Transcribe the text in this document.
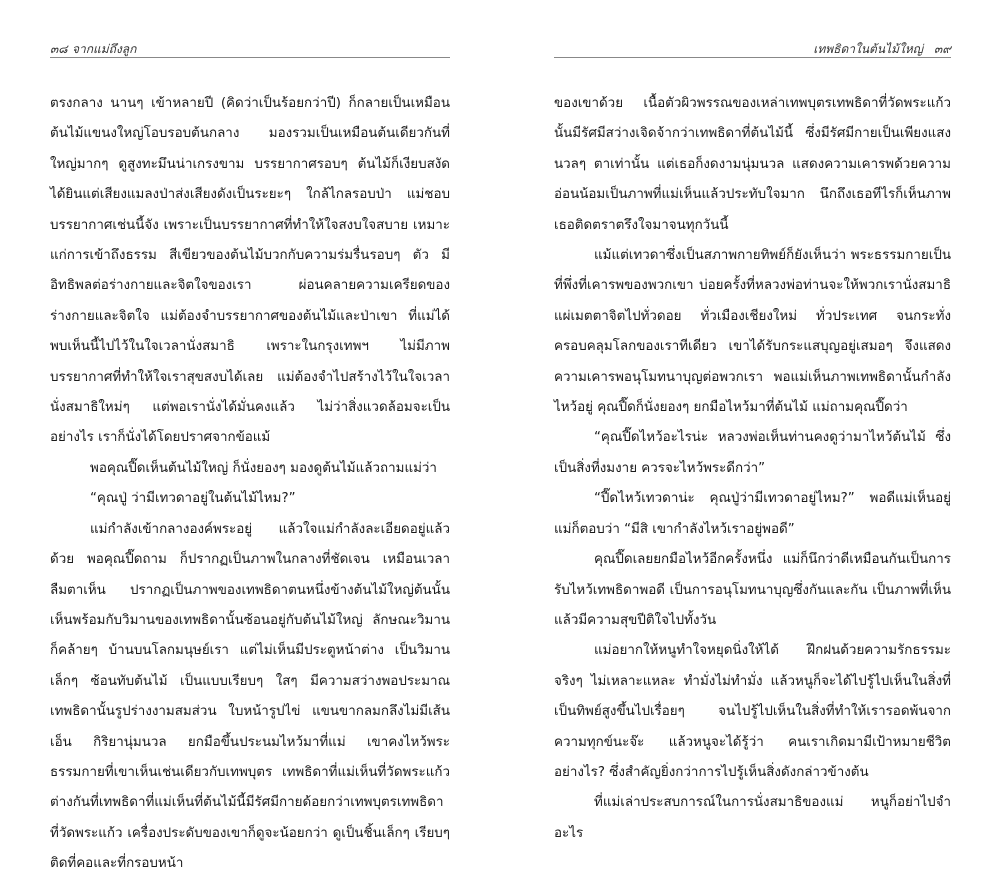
๓๘ จากแม่ถึงลูก

ตรงกลาง นานๆ เข้าหลายปี (คิดว่าเป็นร้อยกว่าปี) ก็กลายเป็นเหมือนต้นไม้แขนงใหญ่โอบรอบต้นกลาง มองรวมเป็นเหมือนต้นเดียวกันที่ใหญ่มากๆ ดูสูงทะมึนน่าเกรงขาม บรรยากาศรอบๆ ต้นไม้ก็เงียบสงัด ได้ยินแต่เสียงแมลงป่าส่งเสียงดังเป็นระยะๆ ใกล้ไกลรอบป่า แม่ชอบบรรยากาศเช่นนี้จัง เพราะเป็นบรรยากาศที่ทำให้ใจสงบใจสบาย เหมาะแก่การเข้าถึงธรรม สีเขียวของต้นไม้บวกกับความร่มรื่นรอบๆ ตัว มีอิทธิพลต่อร่างกายและจิตใจของเรา ผ่อนคลายความเครียดของร่างกายและจิตใจ แม่ต้องจำบรรยากาศของต้นไม้และป่าเขา ที่แม่ได้พบเห็นนี้ไปไว้ในใจเวลานั่งสมาธิ เพราะในกรุงเทพฯ ไม่มีภาพบรรยากาศที่ทำให้ใจเราสุขสงบได้เลย แม่ต้องจำไปสร้างไว้ในใจเวลานั่งสมาธิใหม่ๆ แต่พอเรานั่งได้มั่นคงแล้ว ไม่ว่าสิ่งแวดล้อมจะเป็นอย่างไร เราก็นั่งได้โดยปราศจากข้อแม้

พอคุณปี๊ดเห็นต้นไม้ใหญ่ ก็นั่งยองๆ มองดูต้นไม้แล้วถามแม่ว่า

“คุณปู่ ว่ามีเทวดาอยู่ในต้นไม้ไหม?”

แม่กำลังเข้ากลางองค์พระอยู่ แล้วใจแม่กำลังละเอียดอยู่แล้วด้วย พอคุณปี๊ดถาม ก็ปรากฏเป็นภาพในกลางที่ชัดเจน เหมือนเวลาลืมตาเห็น ปรากฏเป็นภาพของเทพธิดาตนหนึ่งข้างต้นไม้ใหญ่ต้นนั้น เห็นพร้อมกับวิมานของเทพธิดานั้นซ้อนอยู่กับต้นไม้ใหญ่ ลักษณะวิมานก็คล้ายๆ บ้านบนโลกมนุษย์เรา แต่ไม่เห็นมีประตูหน้าต่าง เป็นวิมานเล็กๆ ซ้อนทับต้นไม้ เป็นแบบเรียบๆ ใสๆ มีความสว่างพอประมาณ เทพธิดานั้นรูปร่างงามสมส่วน ใบหน้ารูปไข่ แขนขากลมกลึงไม่มีเส้นเอ็น กิริยานุ่มนวล ยกมือขึ้นประนมไหว้มาที่แม่ เขาคงไหว้พระธรรมกายที่เขาเห็นเช่นเดียวกับเทพบุตร เทพธิดาที่แม่เห็นที่วัดพระแก้ว ต่างกันที่เทพธิดาที่แม่เห็นที่ต้นไม้นี้มีรัศมีกายด้อยกว่าเทพบุตรเทพธิดาที่วัดพระแก้ว เครื่องประดับของเขาก็ดูจะน้อยกว่า ดูเป็นชิ้นเล็กๆ เรียบๆ ติดที่คอและที่กรอบหน้า

เทพธิดาในต้นไม้ใหญ่ ๓๙

ของเขาด้วย เนื้อตัวผิวพรรณของเหล่าเทพบุตรเทพธิดาที่วัดพระแก้วนั้นมีรัศมีสว่างเจิดจ้ากว่าเทพธิดาที่ต้นไม้นี้ ซึ่งมีรัศมีกายเป็นเพียงแสงนวลๆ ตาเท่านั้น แต่เธอก็งดงามนุ่มนวล แสดงความเคารพด้วยความอ่อนน้อมเป็นภาพที่แม่เห็นแล้วประทับใจมาก นึกถึงเธอทีไรก็เห็นภาพเธอติดตราตรึงใจมาจนทุกวันนี้

แม้แต่เทวดาซึ่งเป็นสภาพกายทิพย์ก็ยังเห็นว่า พระธรรมกายเป็นที่พึ่งที่เคารพของพวกเขา บ่อยครั้งที่หลวงพ่อท่านจะให้พวกเรานั่งสมาธิแผ่เมตตาจิตไปทั่วดอย ทั่วเมืองเชียงใหม่ ทั่วประเทศ จนกระทั่งครอบคลุมโลกของเราทีเดียว เขาได้รับกระแสบุญอยู่เสมอๆ จึงแสดงความเคารพอนุโมทนาบุญต่อพวกเรา พอแม่เห็นภาพเทพธิดานั้นกำลังไหว้อยู่ คุณปี๊ดก็นั่งยองๆ ยกมือไหว้มาที่ต้นไม้ แม่ถามคุณปี๊ดว่า

“คุณปี๊ดไหว้อะไรน่ะ หลวงพ่อเห็นท่านคงดูว่ามาไหว้ต้นไม้ ซึ่งเป็นสิ่งที่งมงาย ควรจะไหว้พระดีกว่า”

“ปี๊ดไหว้เทวดาน่ะ คุณปู่ว่ามีเทวดาอยู่ไหม?” พอดีแม่เห็นอยู่ แม่ก็ตอบว่า “มีสิ เขากำลังไหว้เราอยู่พอดี”

คุณปี๊ดเลยยกมือไหว้อีกครั้งหนึ่ง แม่ก็นึกว่าดีเหมือนกันเป็นการรับไหว้เทพธิดาพอดี เป็นการอนุโมทนาบุญซึ่งกันและกัน เป็นภาพที่เห็นแล้วมีความสุขปีติใจไปทั้งวัน

แม่อยากให้หนูทำใจหยุดนิ่งให้ได้ ฝึกฝนด้วยความรักธรรมะจริงๆ ไม่เหลาะแหละ ทำมั่งไม่ทำมั่ง แล้วหนูก็จะได้ไปรู้ไปเห็นในสิ่งที่เป็นทิพย์สูงขึ้นไปเรื่อยๆ จนไปรู้ไปเห็นในสิ่งที่ทำให้เรารอดพ้นจากความทุกข์นะจ๊ะ แล้วหนูจะได้รู้ว่า คนเราเกิดมามีเป้าหมายชีวิตอย่างไร? ซึ่งสำคัญยิ่งกว่าการไปรู้เห็นสิ่งดังกล่าวข้างต้น

ที่แม่เล่าประสบการณ์ในการนั่งสมาธิของแม่ หนูก็อย่าไปจำอะไร
